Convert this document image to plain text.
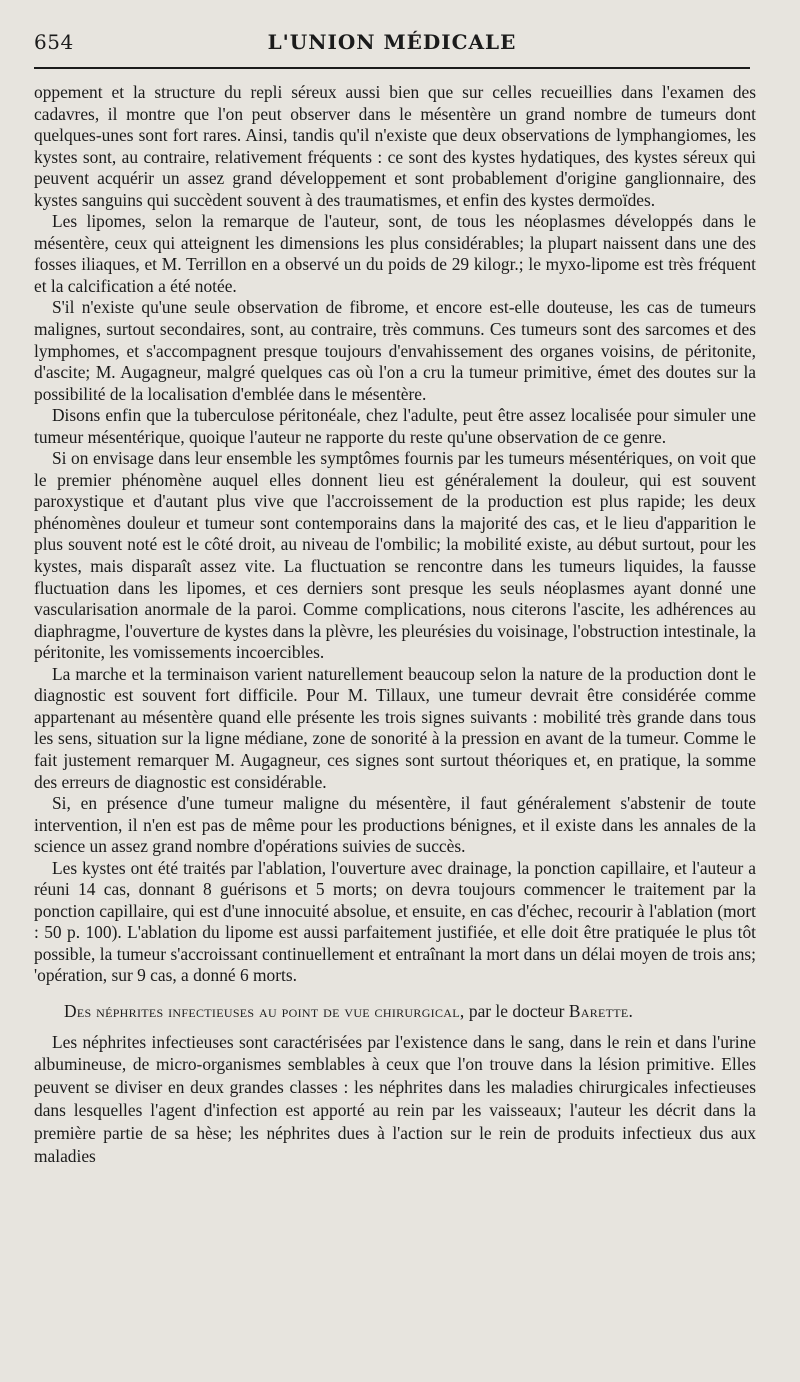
654	L'UNION MÉDICALE

oppement et la structure du repli séreux aussi bien que sur celles recueillies dans l'examen des cadavres, il montre que l'on peut observer dans le mésentère un grand nombre de tumeurs dont quelques-unes sont fort rares. Ainsi, tandis qu'il n'existe que deux observations de lymphangiomes, les kystes sont, au contraire, relativement fréquents : ce sont des kystes hydatiques, des kystes séreux qui peuvent acquérir un assez grand développement et sont probablement d'origine ganglionnaire, des kystes sanguins qui succèdent souvent à des traumatismes, et enfin des kystes dermoïdes.

Les lipomes, selon la remarque de l'auteur, sont, de tous les néoplasmes développés dans le mésentère, ceux qui atteignent les dimensions les plus considérables; la plupart naissent dans une des fosses iliaques, et M. Terrillon en a observé un du poids de 29 kilogr.; le myxo-lipome est très fréquent et la calcification a été notée.

S'il n'existe qu'une seule observation de fibrome, et encore est-elle douteuse, les cas de tumeurs malignes, surtout secondaires, sont, au contraire, très communs. Ces tumeurs sont des sarcomes et des lymphomes, et s'accompagnent presque toujours d'envahissement des organes voisins, de péritonite, d'ascite; M. Augagneur, malgré quelques cas où l'on a cru la tumeur primitive, émet des doutes sur la possibilité de la localisation d'emblée dans le mésentère.

Disons enfin que la tuberculose péritonéale, chez l'adulte, peut être assez localisée pour simuler une tumeur mésentérique, quoique l'auteur ne rapporte du reste qu'une observation de ce genre.

Si on envisage dans leur ensemble les symptômes fournis par les tumeurs mésentériques, on voit que le premier phénomène auquel elles donnent lieu est généralement la douleur, qui est souvent paroxystique et d'autant plus vive que l'accroissement de la production est plus rapide; les deux phénomènes douleur et tumeur sont contemporains dans la majorité des cas, et le lieu d'apparition le plus souvent noté est le côté droit, au niveau de l'ombilic; la mobilité existe, au début surtout, pour les kystes, mais disparaît assez vite. La fluctuation se rencontre dans les tumeurs liquides, la fausse fluctuation dans les lipomes, et ces derniers sont presque les seuls néoplasmes ayant donné une vascularisation anormale de la paroi. Comme complications, nous citerons l'ascite, les adhérences au diaphragme, l'ouverture de kystes dans la plèvre, les pleurésies du voisinage, l'obstruction intestinale, la péritonite, les vomissements incoercibles.

La marche et la terminaison varient naturellement beaucoup selon la nature de la production dont le diagnostic est souvent fort difficile. Pour M. Tillaux, une tumeur devrait être considérée comme appartenant au mésentère quand elle présente les trois signes suivants : mobilité très grande dans tous les sens, situation sur la ligne médiane, zone de sonorité à la pression en avant de la tumeur. Comme le fait justement remarquer M. Augagneur, ces signes sont surtout théoriques et, en pratique, la somme des erreurs de diagnostic est considérable.

Si, en présence d'une tumeur maligne du mésentère, il faut généralement s'abstenir de toute intervention, il n'en est pas de même pour les productions bénignes, et il existe dans les annales de la science un assez grand nombre d'opérations suivies de succès.

Les kystes ont été traités par l'ablation, l'ouverture avec drainage, la ponction capillaire, et l'auteur a réuni 14 cas, donnant 8 guérisons et 5 morts; on devra toujours commencer le traitement par la ponction capillaire, qui est d'une innocuité absolue, et ensuite, en cas d'échec, recourir à l'ablation (mort : 50 p. 100). L'ablation du lipome est aussi parfaitement justifiée, et elle doit être pratiquée le plus tôt possible, la tumeur s'accroissant continuellement et entraînant la mort dans un délai moyen de trois ans; 'opération, sur 9 cas, a donné 6 morts.

Des néphrites infectieuses au point de vue chirurgical, par le docteur Barette.

Les néphrites infectieuses sont caractérisées par l'existence dans le sang, dans le rein et dans l'urine albumineuse, de micro-organismes semblables à ceux que l'on trouve dans la lésion primitive. Elles peuvent se diviser en deux grandes classes : les néphrites dans les maladies chirurgicales infectieuses dans lesquelles l'agent d'infection est apporté au rein par les vaisseaux; l'auteur les décrit dans la première partie de sa hèse; les néphrites dues à l'action sur le rein de produits infectieux dus aux maladies
